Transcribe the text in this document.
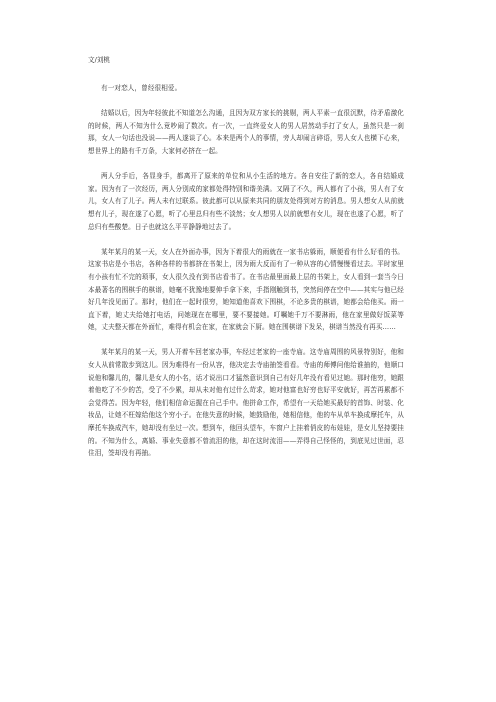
文/刘桃

有一对恋人，曾经很相爱。

结婚以后，因为年轻彼此不知道怎么沟通，且因为双方家长的挑剔，两人平素一直很沉默，待矛盾激化的时候，两人不知为什么竟吵闹了数次。有一次，一直终爱女人的男人居然动手打了女人，虽然只是一刹那，女人一句话也没说——两人遂谈了心。本来是两个人的事情，旁人却闹言碎语，男人女人也横下心来，想世界上的路有千万条，大家何必挤在一起。

两人分手后，各显身手，都离开了原来的单位和从小生活的地方。各自安往了新的恋人，各自结婚成家。因为有了一次经历，两人分别成的家都处得特别和谐美满。又隔了不久，两人都有了小孩，男人有了女儿，女人有了儿子。两人未有过联系。彼此都可以从原来共同的朋友处得到对方的消息。男人想女人从前就想有儿子，现在遂了心愿，听了心里总归有些不淡然；女人想男人以前就想有女儿，现在也遂了心愿，听了总归有些酸楚。日子也就这么平平静静地过去了。

某年某月的某一天，女人在外面办事，因为下着很大的雨就在一家书店躲雨，顺便看有什么好看的书。这家书店是小书店，各种各样的书都挤在书架上，因为雨大反而有了一种从容的心情慢慢看过去。平时家里有小孩有忙不完的琐事，女人很久没有到书店看书了。在书店最里面最上层的书架上，女人看到一套当今日本最著名的围棋手的棋谱，她毫不犹豫地要伸手拿下来，手指刚触到书，突然间停在空中——其实与他已经好几年没见面了。那时，他们在一起时很穷，她知道他喜欢下围棋，不论多贵的棋谱，她都会给他买。雨一直下着，她丈夫给她打电话，问她现在在哪里，要不要接她。叮嘱她千万不要淋雨，他在家里做好饭菜等她，丈夫整天都在外面忙，难得有机会在家，在家就会下厨。她在围棋谱下发呆，棋谱当然没有再买……

某年某月的某一天，男人开着车回老家办事，车经过老家的一座寺庙。这寺庙周围的风景特别好，他和女人从前常散步到这儿。因为难得有一份从容，他决定去寺庙抽签看看。寺庙的师傅问他给谁抽的，他顺口说他和馨儿的，馨儿是女人的小名，话才说出口才猛然意识到自己有好几年没有看见过她。那时他穷，她跟着他吃了不少的苦，受了不少累，却从未对他有过什么苛求，她对他富也好穷也好平安就好，再苦再累都不会觉得苦。因为年轻，他们相信命运握在自己手中。他拼命工作，希望有一天给她买最好的首饰、时装、化妆品，让她不枉嫁给他这个穷小子。在他失意的时候，她鼓励他，她相信他，他的车从单车换成摩托车，从摩托车换成汽车，她却没有坐过一次。想到车，他回头望车，车窗户上挂着俏皮的布娃娃，是女儿坚持要挂的。不知为什么，离婚、事业失意都不曾流泪的他，却在这时流泪——弄得自己怪怪的，到底见过世面，忍住泪，签却没有再抽。
